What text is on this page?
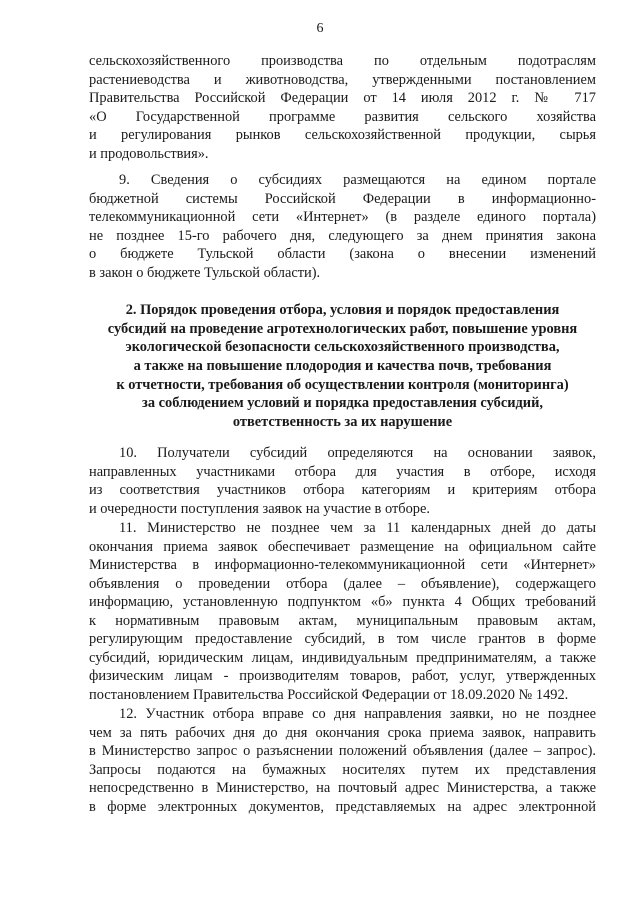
6
сельскохозяйственного производства по отдельным подотраслям
растениеводства и животноводства, утвержденными постановлением
Правительства Российской Федерации от 14 июля 2012 г. № 717
«О Государственной программе развития сельского хозяйства
и регулирования рынков сельскохозяйственной продукции, сырья
и продовольствия».
9. Сведения о субсидиях размещаются на едином портале
бюджетной системы Российской Федерации в информационно-
телекоммуникационной сети «Интернет» (в разделе единого портала)
не позднее 15-го рабочего дня, следующего за днем принятия закона
о бюджете Тульской области (закона о внесении изменений
в закон о бюджете Тульской области).
2. Порядок проведения отбора, условия и порядок предоставления
субсидий на проведение агротехнологических работ, повышение уровня
экологической безопасности сельскохозяйственного производства,
а также на повышение плодородия и качества почв, требования
к отчетности, требования об осуществлении контроля (мониторинга)
за соблюдением условий и порядка предоставления субсидий,
ответственность за их нарушение
10. Получатели субсидий определяются на основании заявок,
направленных участниками отбора для участия в отборе, исходя
из соответствия участников отбора категориям и критериям отбора
и очередности поступления заявок на участие в отборе.
11. Министерство не позднее чем за 11 календарных дней до даты
окончания приема заявок обеспечивает размещение на официальном сайте
Министерства в информационно-телекоммуникационной сети «Интернет»
объявления о проведении отбора (далее – объявление), содержащего
информацию, установленную подпунктом «б» пункта 4 Общих требований
к нормативным правовым актам, муниципальным правовым актам,
регулирующим предоставление субсидий, в том числе грантов в форме
субсидий, юридическим лицам, индивидуальным предпринимателям, а также
физическим лицам - производителям товаров, работ, услуг, утвержденных
постановлением Правительства Российской Федерации от 18.09.2020 № 1492.
12. Участник отбора вправе со дня направления заявки, но не позднее
чем за пять рабочих дня до дня окончания срока приема заявок, направить
в Министерство запрос о разъяснении положений объявления (далее – запрос).
Запросы подаются на бумажных носителях путем их представления
непосредственно в Министерство, на почтовый адрес Министерства, а также
в форме электронных документов, представляемых на адрес электронной
